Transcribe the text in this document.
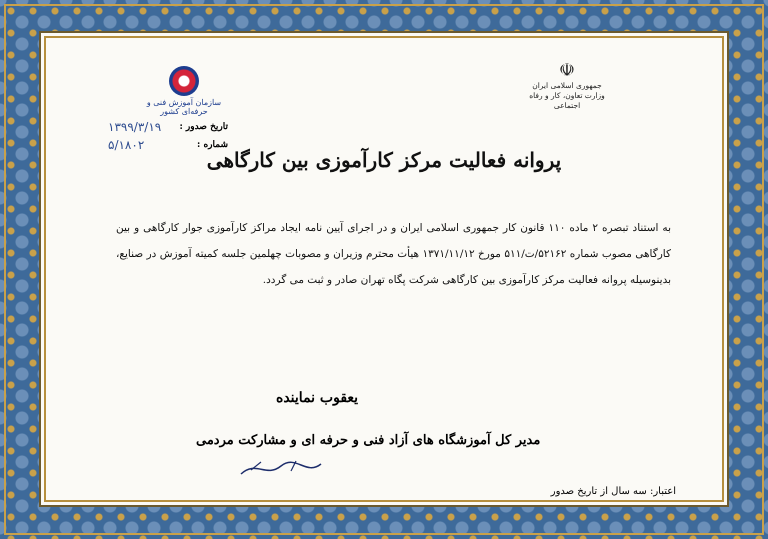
سازمان آموزش فنی و حرفه‌ای کشور
☫
جمهوری اسلامی ایران
وزارت تعاون، کار و رفاه اجتماعی
تاریخ صدور :
۱۳۹۹/۳/۱۹
شماره :
۵/۱۸۰۲
پروانه فعالیت مرکز کارآموزی بین کارگاهی
به استناد تبصره ۲ ماده ۱۱۰ قانون کار جمهوری اسلامی ایران و در اجرای آیین نامه ایجاد مراکز کارآموزی جوار کارگاهی و بین کارگاهی مصوب شماره ۵۲۱۶۲/ت/۵۱۱ مورخ ۱۳۷۱/۱۱/۱۲ هیأت محترم وزیران و مصوبات چهلمین جلسه کمیته آموزش در صنایع، بدینوسیله پروانه فعالیت مرکز کارآموزی بین کارگاهی شرکت پگاه تهران صادر و ثبت می گردد.
یعقوب نماینده
مدیر کل آموزشگاه های آزاد فنی و حرفه ای و مشارکت مردمی
اعتبار: سه سال از تاریخ صدور
